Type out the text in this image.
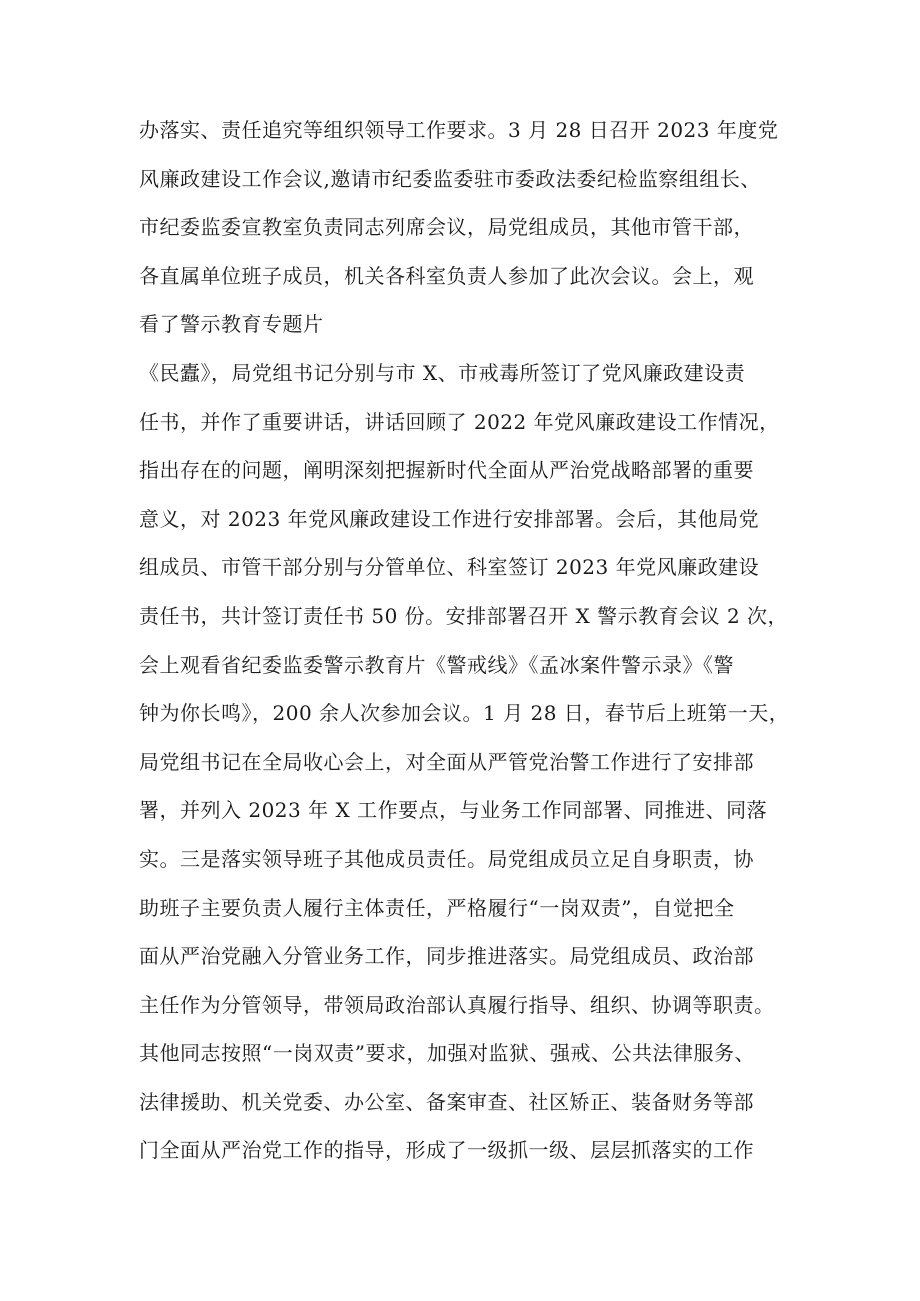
办落实、责任追究等组织领导工作要求。3 月 28 日召开 2023 年度党
风廉政建设工作会议,邀请市纪委监委驻市委政法委纪检监察组组长、
市纪委监委宣教室负责同志列席会议，局党组成员，其他市管干部，
各直属单位班子成员，机关各科室负责人参加了此次会议。会上，观
看了警示教育专题片
《民蠹》，局党组书记分别与市 X、市戒毒所签订了党风廉政建设责
任书，并作了重要讲话，讲话回顾了 2022 年党风廉政建设工作情况，
指出存在的问题，阐明深刻把握新时代全面从严治党战略部署的重要
意义，对 2023 年党风廉政建设工作进行安排部署。会后，其他局党
组成员、市管干部分别与分管单位、科室签订 2023 年党风廉政建设
责任书，共计签订责任书 50 份。安排部署召开 X 警示教育会议 2 次，
会上观看省纪委监委警示教育片《警戒线》《孟冰案件警示录》《警
钟为你长鸣》，200 余人次参加会议。1 月 28 日，春节后上班第一天，
局党组书记在全局收心会上，对全面从严管党治警工作进行了安排部
署，并列入 2023 年 X 工作要点，与业务工作同部署、同推进、同落
实。三是落实领导班子其他成员责任。局党组成员立足自身职责，协
助班子主要负责人履行主体责任，严格履行“一岗双责”，自觉把全
面从严治党融入分管业务工作，同步推进落实。局党组成员、政治部
主任作为分管领导，带领局政治部认真履行指导、组织、协调等职责。
其他同志按照“一岗双责”要求，加强对监狱、强戒、公共法律服务、
法律援助、机关党委、办公室、备案审查、社区矫正、装备财务等部
门全面从严治党工作的指导，形成了一级抓一级、层层抓落实的工作
